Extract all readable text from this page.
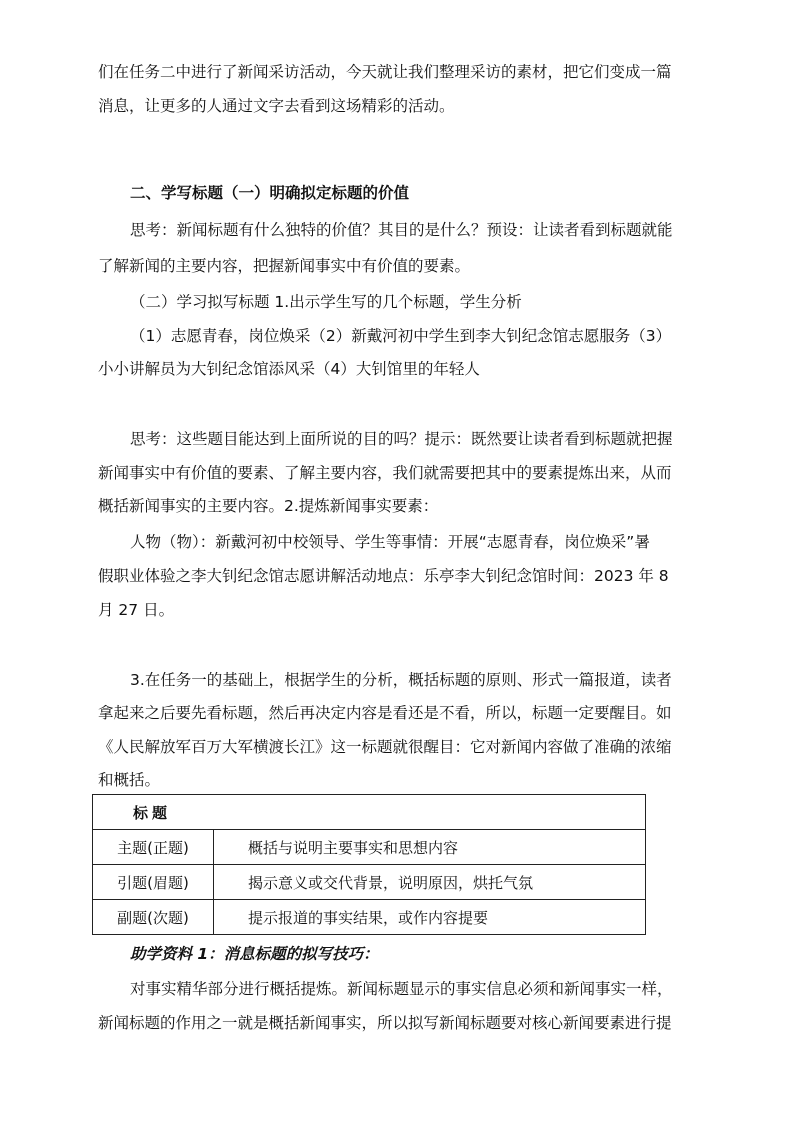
们在任务二中进行了新闻采访活动，今天就让我们整理采访的素材，把它们变成一篇
消息，让更多的人通过文字去看到这场精彩的活动。
二、学写标题（一）明确拟定标题的价值
思考：新闻标题有什么独特的价值？其目的是什么？预设：让读者看到标题就能
了解新闻的主要内容，把握新闻事实中有价值的要素。
（二）学习拟写标题 1.出示学生写的几个标题，学生分析
（1）志愿青春，岗位焕采（2）新戴河初中学生到李大钊纪念馆志愿服务（3）
小小讲解员为大钊纪念馆添风采（4）大钊馆里的年轻人
思考：这些题目能达到上面所说的目的吗？提示：既然要让读者看到标题就把握
新闻事实中有价值的要素、了解主要内容，我们就需要把其中的要素提炼出来，从而
概括新闻事实的主要内容。2.提炼新闻事实要素：
人物（物）：新戴河初中校领导、学生等事情：开展“志愿青春，岗位焕采”暑
假职业体验之李大钊纪念馆志愿讲解活动地点：乐亭李大钊纪念馆时间：2023 年 8
月 27 日。
3.在任务一的基础上，根据学生的分析，概括标题的原则、形式一篇报道，读者
拿起来之后要先看标题，然后再决定内容是看还是不看，所以，标题一定要醒目。如
《人民解放军百万大军横渡长江》这一标题就很醒目：它对新闻内容做了准确的浓缩
和概括。
标题	
主题(正题)	概括与说明主要事实和思想内容
引题(眉题)	揭示意义或交代背景，说明原因，烘托气氛
副题(次题)	提示报道的事实结果，或作内容提要
助学资料 1：消息标题的拟写技巧：
对事实精华部分进行概括提炼。新闻标题显示的事实信息必须和新闻事实一样，
新闻标题的作用之一就是概括新闻事实，所以拟写新闻标题要对核心新闻要素进行提
